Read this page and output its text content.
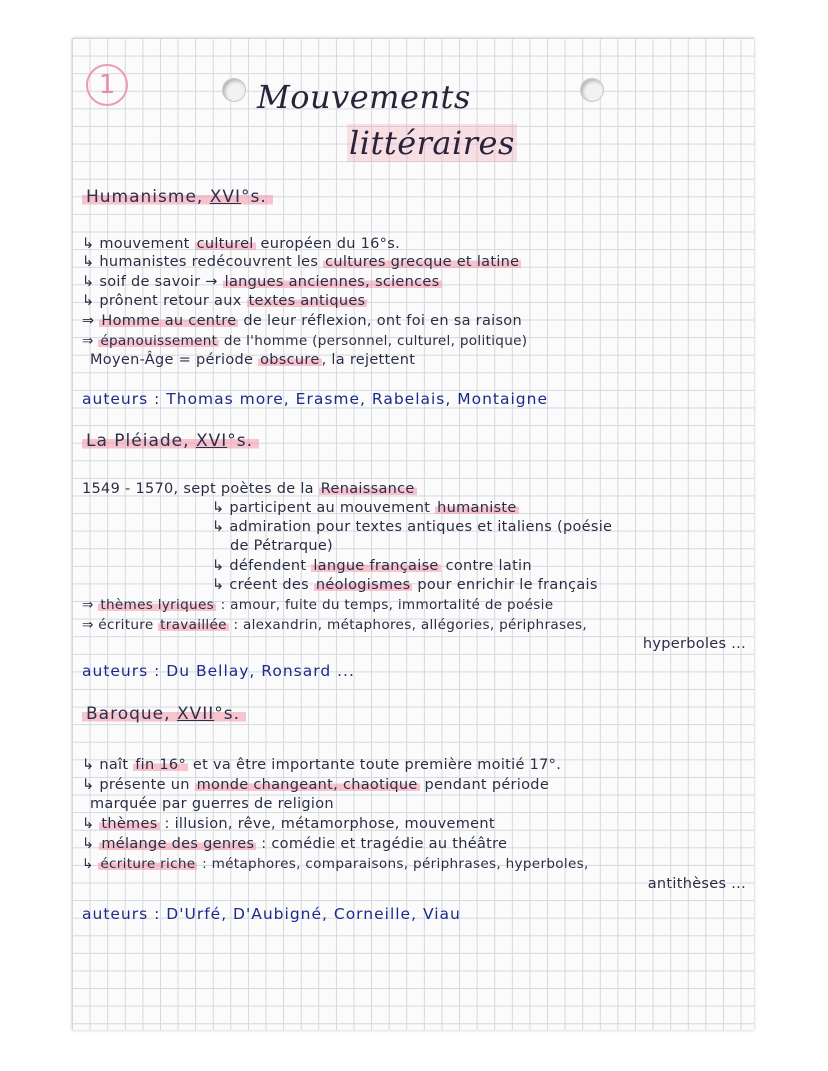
1	Mouvements
littéraires
Humanisme, XVI°s.
↳ mouvement culturel européen du 16°s.
↳ humanistes redécouvrent les cultures grecque et latine
↳ soif de savoir → langues anciennes, sciences
↳ prônent retour aux textes antiques
⇒ Homme au centre de leur réflexion, ont foi en sa raison
⇒ épanouissement de l'homme (personnel, culturel, politique)
Moyen-Âge = période obscure , la rejettent
auteurs : Thomas more, Erasme, Rabelais, Montaigne
La Pléiade, XVI°s.
1549 - 1570, sept poètes de la Renaissance
↳ participent au mouvement humaniste
↳ admiration pour textes antiques et italiens (poésie
de Pétrarque)
↳ défendent langue française contre latin
↳ créent des néologismes pour enrichir le français
⇒ thèmes lyriques : amour, fuite du temps, immortalité de poésie
⇒ écriture travaillée : alexandrin, métaphores, allégories, périphrases,
hyperboles ...
auteurs : Du Bellay, Ronsard ...
Baroque, XVII°s.
↳ naît fin 16° et va être importante toute première moitié 17°.
↳ présente un monde changeant, chaotique pendant période
marquée par guerres de religion
↳ thèmes : illusion, rêve, métamorphose, mouvement
↳ mélange des genres : comédie et tragédie au théâtre
↳ écriture riche : métaphores, comparaisons, périphrases, hyperboles,
antithèses ...
auteurs : D'Urfé, D'Aubigné, Corneille, Viau
